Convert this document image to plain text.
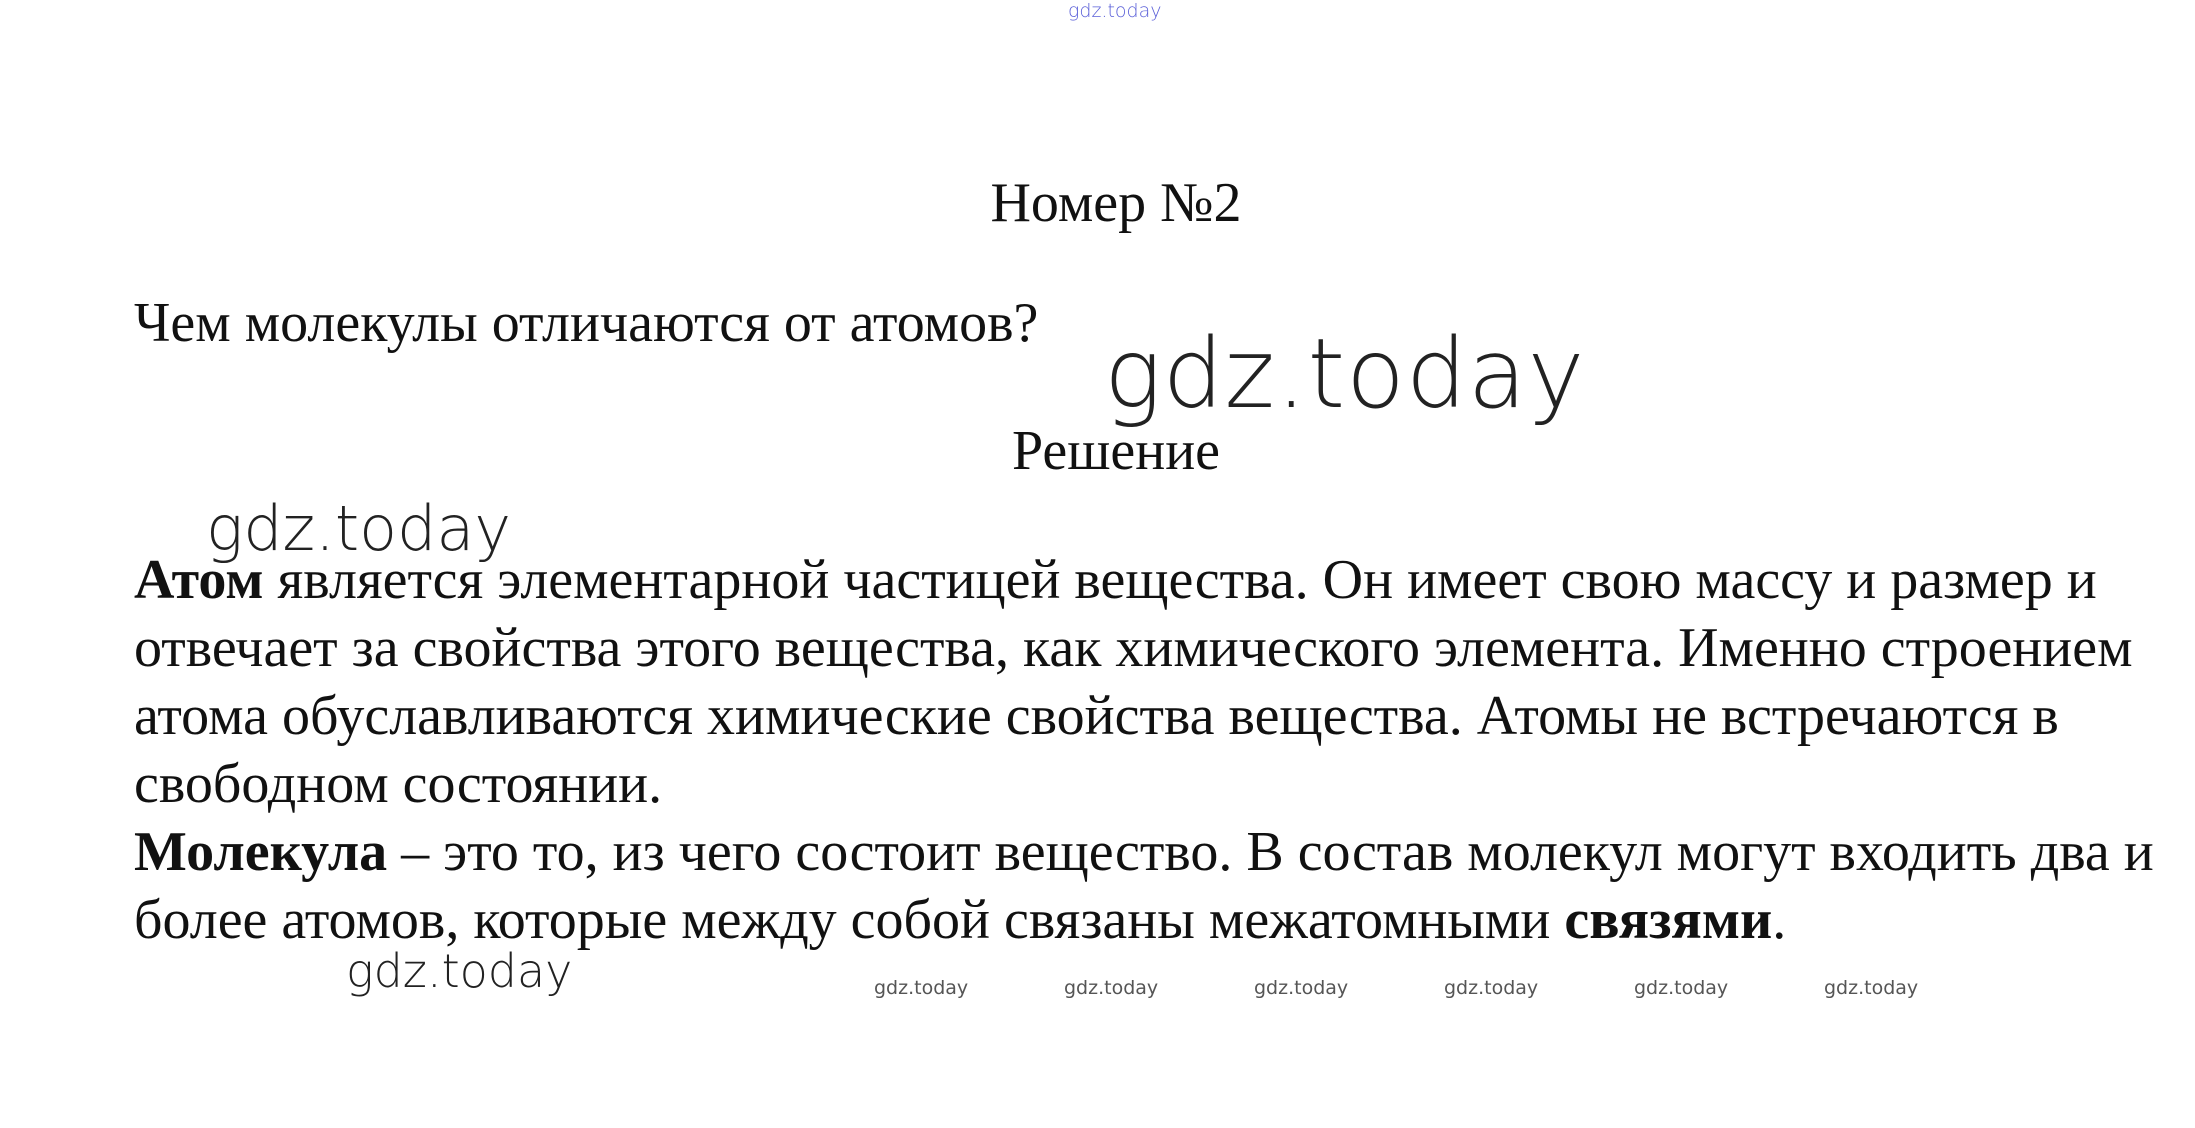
gdz.today
Номер №2
Чем молекулы отличаются от атомов? gdz.today
Решение

Атом является элементарной частицей вещества. Он имеет свою массу и размер и отвечает за свойства этого вещества, как химического элемента. Именно строением атома обуславливаются химические свойства вещества. Атомы не встречаются в свободном состоянии.

Молекула – это то, из чего состоит вещество. В состав молекул могут входить два и более атомов, которые между собой связаны межатомными связями.

gdz.today
gdz.today	gdz.today	gdz.today	gdz.today	gdz.today	gdz.today	gdz.today
